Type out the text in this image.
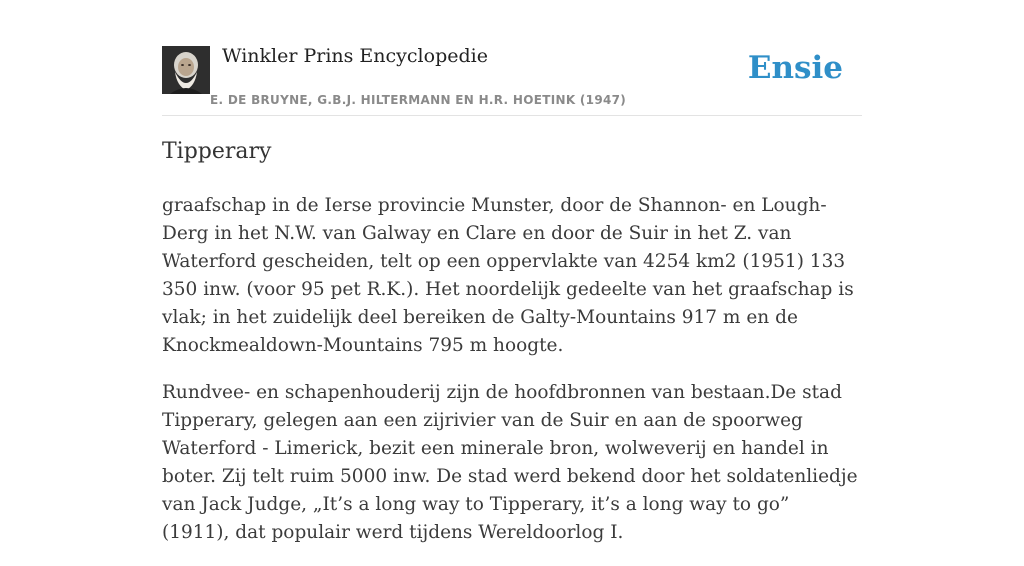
Winkler Prins Encyclopedie
E. DE BRUYNE, G.B.J. HILTERMANN EN H.R. HOETINK (1947)
Ensie
Tipperary

graafschap in de Ierse provincie Munster, door de Shannon- en Lough-Derg in het N.W. van Galway en Clare en door de Suir in het Z. van Waterford gescheiden, telt op een oppervlakte van 4254 km2 (1951) 133 350 inw. (voor 95 pet R.K.). Het noordelijk gedeelte van het graafschap is vlak; in het zuidelijk deel bereiken de Galty-Mountains 917 m en de Knockmealdown-Mountains 795 m hoogte.

Rundvee- en schapenhouderij zijn de hoofdbronnen van bestaan.De stad Tipperary, gelegen aan een zijrivier van de Suir en aan de spoorweg Waterford - Limerick, bezit een minerale bron, wolweverij en handel in boter. Zij telt ruim 5000 inw. De stad werd bekend door het soldatenliedje van Jack Judge, „It’s a long way to Tipperary, it’s a long way to go” (1911), dat populair werd tijdens Wereldoorlog I.
